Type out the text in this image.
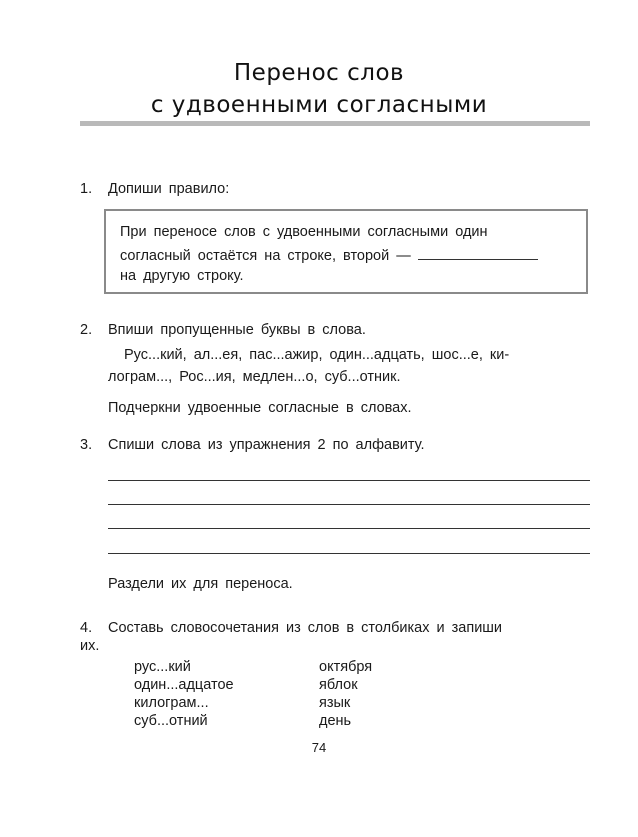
Перенос слов
с удвоенными согласными
1. Допиши правило:
При переносе слов с удвоенными согласными один
согласный остаётся на строке, второй —
на другую строку.
2. Впиши пропущенные буквы в слова.
Рус...кий, ал...ея, пас...ажир, один...адцать, шос...е, ки-
лограм..., Рос...ия, медлен...о, суб...отник.
Подчеркни удвоенные согласные в словах.
3. Спиши слова из упражнения 2 по алфавиту.
Раздели их для переноса.
4. Составь словосочетания из слов в столбиках и запиши
их.
рус...кий
один...адцатое
килограм...
суб...отний
октября
яблок
язык
день
74
